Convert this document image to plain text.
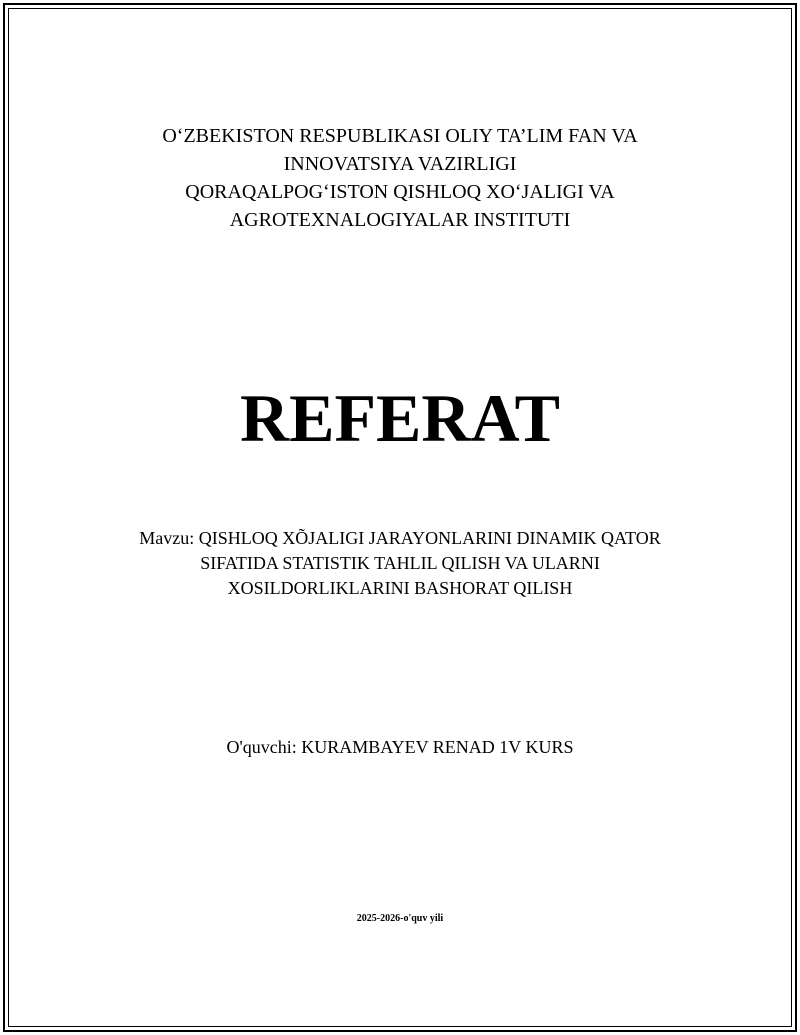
O‘ZBEKISTON RESPUBLIKASI OLIY TA’LIM FAN VA
INNOVATSIYA VAZIRLIGI
QORAQALPOG‘ISTON QISHLOQ XO‘JALIGI VA
AGROTEXNALOGIYALAR INSTITUTI
REFERAT
Mavzu: QISHLOQ XÕJALIGI JARAYONLARINI DINAMIK QATOR
SIFATIDA STATISTIK TAHLIL QILISH VA ULARNI
XOSILDORLIKLARINI BASHORAT QILISH
O'quvchi: KURAMBAYEV RENAD 1V KURS
2025-2026-o'quv yili
